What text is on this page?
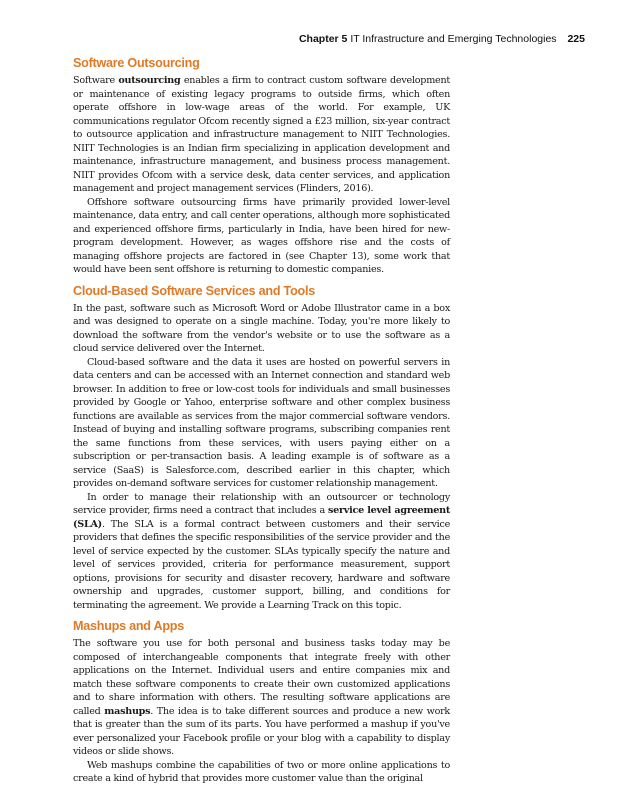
Chapter 5 IT Infrastructure and Emerging Technologies 225
Software Outsourcing

Software outsourcing enables a firm to contract custom software development or maintenance of existing legacy programs to outside firms, which often operate offshore in low-wage areas of the world. For example, UK communications regulator Ofcom recently signed a £23 million, six-year contract to outsource application and infrastructure management to NIIT Technologies. NIIT Technologies is an Indian firm specializing in application development and maintenance, infrastructure management, and business process management. NIIT provides Ofcom with a service desk, data center services, and application management and project management services (Flinders, 2016).

Offshore software outsourcing firms have primarily provided lower-level maintenance, data entry, and call center operations, although more sophisticated and experienced offshore firms, particularly in India, have been hired for new-program development. However, as wages offshore rise and the costs of managing offshore projects are factored in (see Chapter 13), some work that would have been sent offshore is returning to domestic companies.

Cloud-Based Software Services and Tools

In the past, software such as Microsoft Word or Adobe Illustrator came in a box and was designed to operate on a single machine. Today, you're more likely to download the software from the vendor's website or to use the software as a cloud service delivered over the Internet.

Cloud-based software and the data it uses are hosted on powerful servers in data centers and can be accessed with an Internet connection and standard web browser. In addition to free or low-cost tools for individuals and small businesses provided by Google or Yahoo, enterprise software and other complex business functions are available as services from the major commercial software vendors. Instead of buying and installing software programs, subscribing companies rent the same functions from these services, with users paying either on a subscription or per-transaction basis. A leading example is of software as a service (SaaS) is Salesforce.com, described earlier in this chapter, which provides on-demand software services for customer relationship management.

In order to manage their relationship with an outsourcer or technology service provider, firms need a contract that includes a service level agreement (SLA). The SLA is a formal contract between customers and their service providers that defines the specific responsibilities of the service provider and the level of service expected by the customer. SLAs typically specify the nature and level of services provided, criteria for performance measurement, support options, provisions for security and disaster recovery, hardware and software ownership and upgrades, customer support, billing, and conditions for terminating the agreement. We provide a Learning Track on this topic.

Mashups and Apps

The software you use for both personal and business tasks today may be composed of interchangeable components that integrate freely with other applications on the Internet. Individual users and entire companies mix and match these software components to create their own customized applications and to share information with others. The resulting software applications are called mashups. The idea is to take different sources and produce a new work that is greater than the sum of its parts. You have performed a mashup if you've ever personalized your Facebook profile or your blog with a capability to display videos or slide shows.

Web mashups combine the capabilities of two or more online applications to create a kind of hybrid that provides more customer value than the original
